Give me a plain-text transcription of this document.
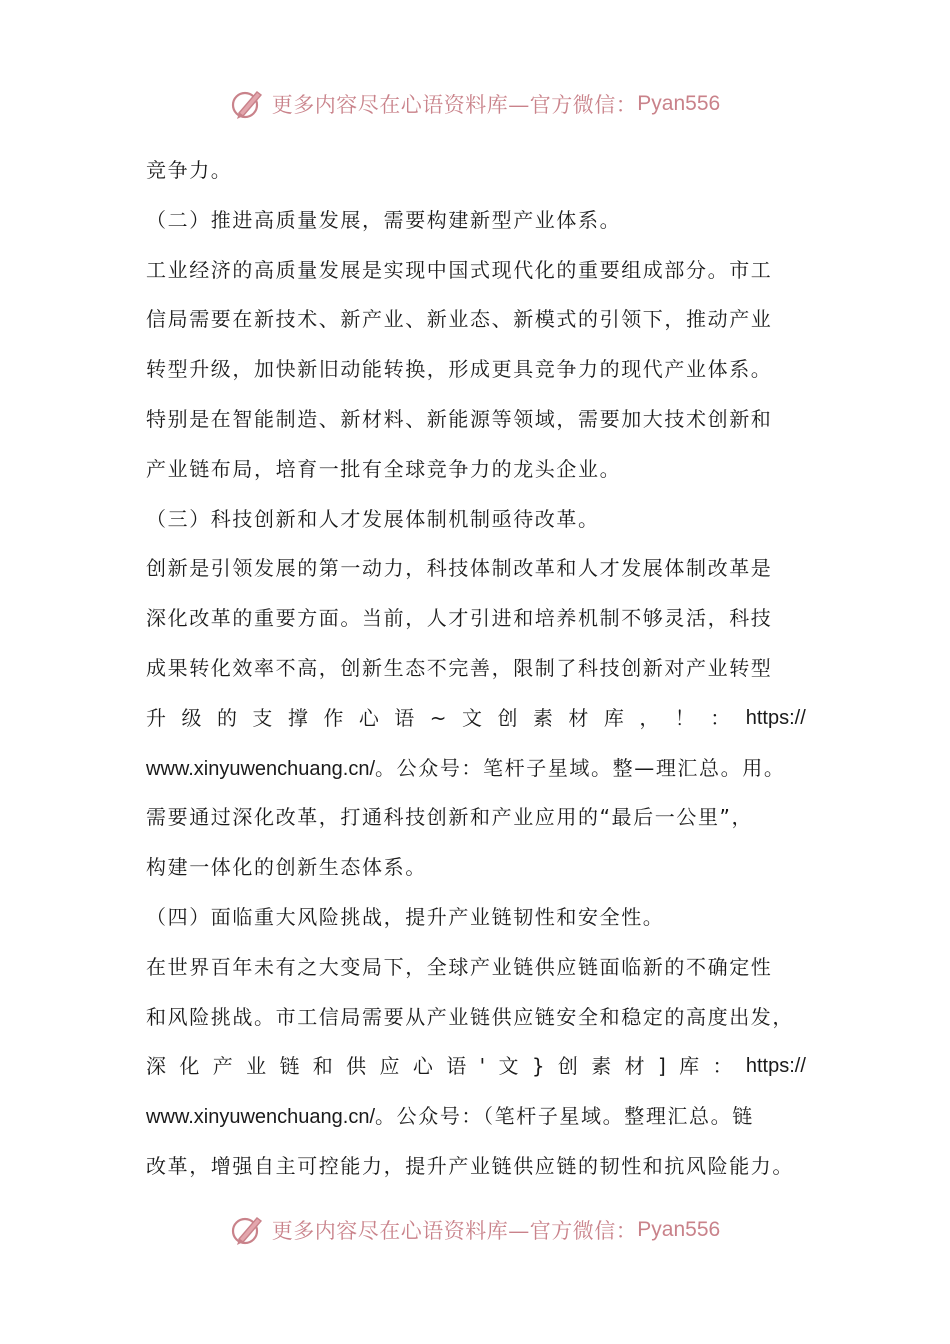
更多内容尽在心语资料库—官方微信： Pyan556
竞争力。
（二）推进高质量发展，需要构建新型产业体系。
工业经济的高质量发展是实现中国式现代化的重要组成部分。市工
信局需要在新技术、新产业、新业态、新模式的引领下，推动产业
转型升级，加快新旧动能转换，形成更具竞争力的现代产业体系。
特别是在智能制造、新材料、新能源等领域，需要加大技术创新和
产业链布局，培育一批有全球竞争力的龙头企业。
（三）科技创新和人才发展体制机制亟待改革。
创新是引领发展的第一动力，科技体制改革和人才发展体制改革是
深化改革的重要方面。当前，人才引进和培养机制不够灵活，科技
成果转化效率不高，创新生态不完善，限制了科技创新对产业转型
升 级 的 支 撑 作 心 语 ~ 文 创 素 材 库 ， ！ ： https://
www.xinyuwenchuang.cn/。公众号：笔杆子星域。整—理汇总。用。
需要通过深化改革，打通科技创新和产业应用的“最后一公里”，
构建一体化的创新生态体系。
（四）面临重大风险挑战，提升产业链韧性和安全性。
在世界百年未有之大变局下，全球产业链供应链面临新的不确定性
和风险挑战。市工信局需要从产业链供应链安全和稳定的高度出发，
深 化 产 业 链 和 供 应 心 语 ' 文 } 创 素 材 ] 库 ： https://
www.xinyuwenchuang.cn/。公众号：（笔杆子星域。整理汇总。链
改革，增强自主可控能力，提升产业链供应链的韧性和抗风险能力。
更多内容尽在心语资料库—官方微信： Pyan556
